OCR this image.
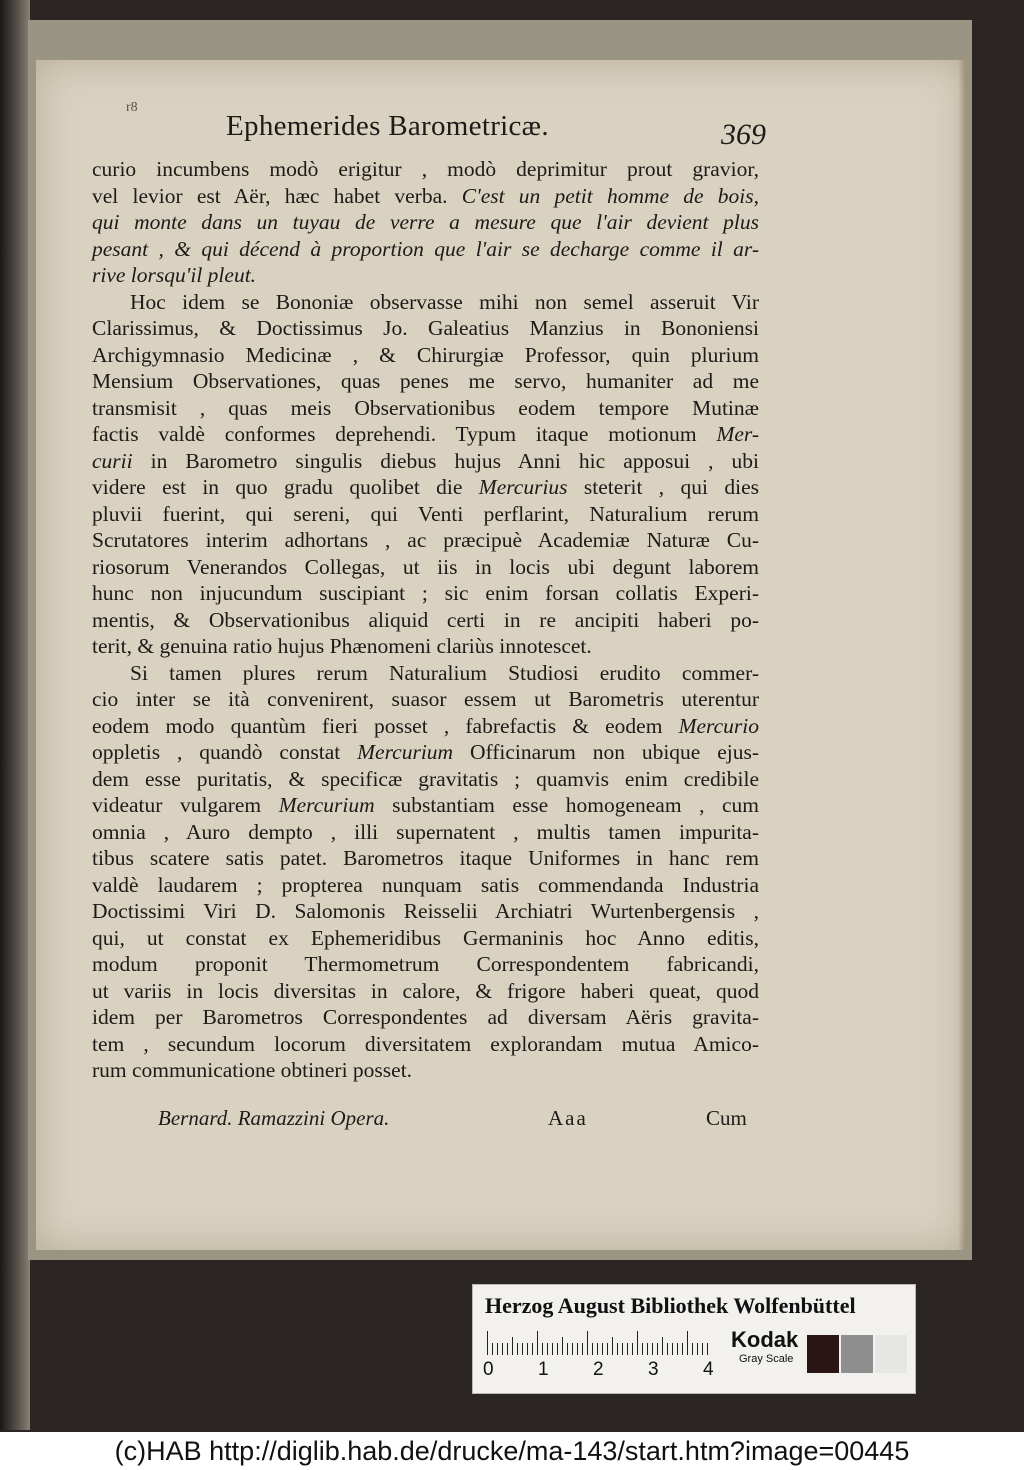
r8
Ephemerides Barometricæ.	369

curio incumbens modò erigitur , modò deprimitur prout gravior,
vel levior est Aër, hæc habet verba. C'est un petit homme de bois,
qui monte dans un tuyau de verre a mesure que l'air devient plus
pesant , & qui décend à proportion que l'air se decharge comme il ar-
rive lorsqu'il pleut.

Hoc idem se Bononiæ observasse mihi non semel asseruit Vir
Clarissimus, & Doctissimus Jo. Galeatius Manzius in Bononiensi
Archigymnasio Medicinæ , & Chirurgiæ Professor, quin plurium
Mensium Observationes, quas penes me servo, humaniter ad me
transmisit , quas meis Observationibus eodem tempore Mutinæ
factis valdè conformes deprehendi. Typum itaque motionum Mer-
curii in Barometro singulis diebus hujus Anni hic apposui , ubi
videre est in quo gradu quolibet die Mercurius steterit , qui dies
pluvii fuerint, qui sereni, qui Venti perflarint, Naturalium rerum
Scrutatores interim adhortans , ac præcipuè Academiæ Naturæ Cu-
riosorum Venerandos Collegas, ut iis in locis ubi degunt laborem
hunc non injucundum suscipiant ; sic enim forsan collatis Experi-
mentis, & Observationibus aliquid certi in re ancipiti haberi po-
terit, & genuina ratio hujus Phænomeni clariùs innotescet.

Si tamen plures rerum Naturalium Studiosi erudito commer-
cio inter se ità convenirent, suasor essem ut Barometris uterentur
eodem modo quantùm fieri posset , fabrefactis & eodem Mercurio
oppletis , quandò constat Mercurium Officinarum non ubique ejus-
dem esse puritatis, & specificæ gravitatis ; quamvis enim credibile
videatur vulgarem Mercurium substantiam esse homogeneam , cum
omnia , Auro dempto , illi supernatent , multis tamen impurita-
tibus scatere satis patet. Barometros itaque Uniformes in hanc rem
valdè laudarem ; propterea nunquam satis commendanda Industria
Doctissimi Viri D. Salomonis Reisselii Archiatri Wurtenbergensis ,
qui, ut constat ex Ephemeridibus Germaninis hoc Anno editis,
modum proponit Thermometrum Correspondentem fabricandi,
ut variis in locis diversitas in calore, & frigore haberi queat, quod
idem per Barometros Correspondentes ad diversam Aëris gravita-
tem , secundum locorum diversitatem explorandam mutua Amico-
rum communicatione obtineri posset.

Bernard. Ramazzini Opera.	Aaa	Cum
Herzog August Bibliothek Wolfenbüttel
0 1 2 3 4
Kodak
Gray Scale
(c)HAB http://diglib.hab.de/drucke/ma-143/start.htm?image=00445
